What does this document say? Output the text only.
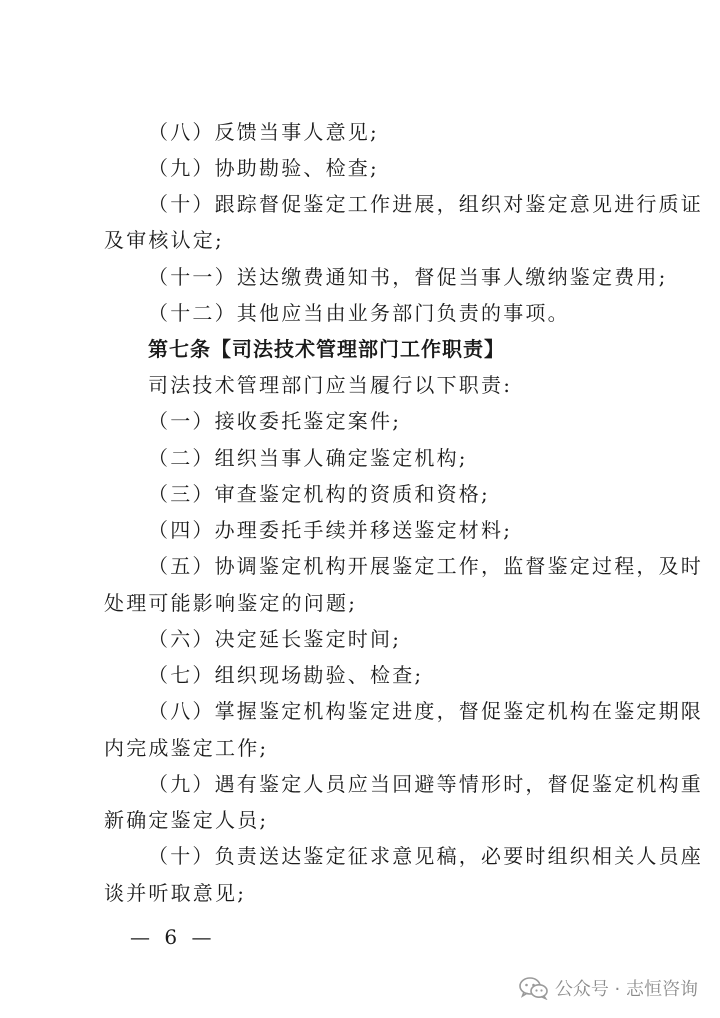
（八）反馈当事人意见;
（九）协助勘验、检查;
（十）跟踪督促鉴定工作进展，组织对鉴定意见进行质证
及审核认定;
（十一）送达缴费通知书，督促当事人缴纳鉴定费用;
（十二）其他应当由业务部门负责的事项。
第七条【司法技术管理部门工作职责】
司法技术管理部门应当履行以下职责:
（一）接收委托鉴定案件;
（二）组织当事人确定鉴定机构;
（三）审查鉴定机构的资质和资格;
（四）办理委托手续并移送鉴定材料;
（五）协调鉴定机构开展鉴定工作，监督鉴定过程，及时
处理可能影响鉴定的问题;
（六）决定延长鉴定时间;
（七）组织现场勘验、检查;
（八）掌握鉴定机构鉴定进度，督促鉴定机构在鉴定期限
内完成鉴定工作;
（九）遇有鉴定人员应当回避等情形时，督促鉴定机构重
新确定鉴定人员;
（十）负责送达鉴定征求意见稿，必要时组织相关人员座
谈并听取意见;
— 6 —
公众号 · 志恒咨询
